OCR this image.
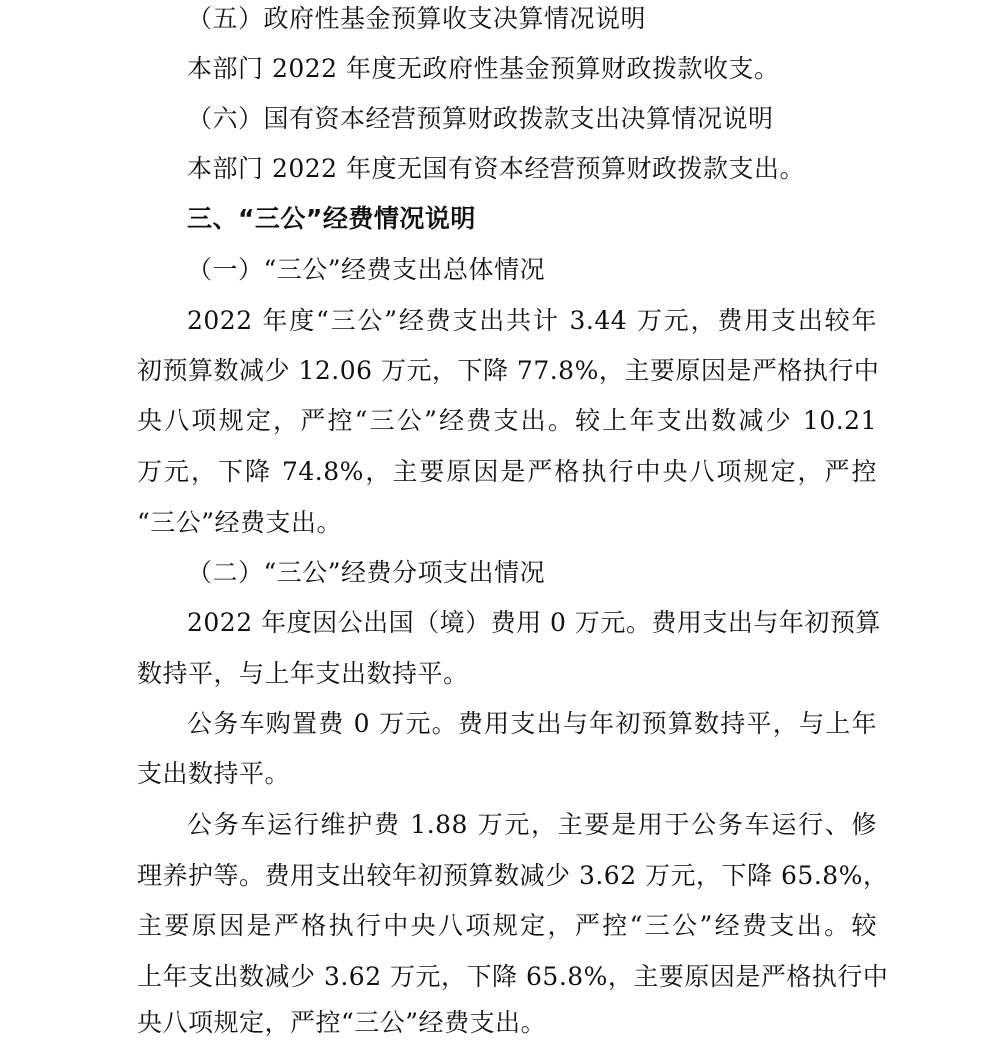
（五）政府性基金预算收支决算情况说明
本部门 2022 年度无政府性基金预算财政拨款收支。
（六）国有资本经营预算财政拨款支出决算情况说明
本部门 2022 年度无国有资本经营预算财政拨款支出。
三、“三公”经费情况说明
（一）“三公”经费支出总体情况
2022 年度“三公”经费支出共计 3.44 万元，费用支出较年
初预算数减少 12.06 万元，下降 77.8%，主要原因是严格执行中
央八项规定，严控“三公”经费支出。较上年支出数减少 10.21
万元，下降 74.8%，主要原因是严格执行中央八项规定，严控
“三公”经费支出。
（二）“三公”经费分项支出情况
2022 年度因公出国（境）费用 0 万元。费用支出与年初预算
数持平，与上年支出数持平。
公务车购置费 0 万元。费用支出与年初预算数持平，与上年
支出数持平。
公务车运行维护费 1.88 万元，主要是用于公务车运行、修
理养护等。费用支出较年初预算数减少 3.62 万元，下降 65.8%，
主要原因是严格执行中央八项规定，严控“三公”经费支出。较
上年支出数减少 3.62 万元，下降 65.8%，主要原因是严格执行中
央八项规定，严控“三公”经费支出。
